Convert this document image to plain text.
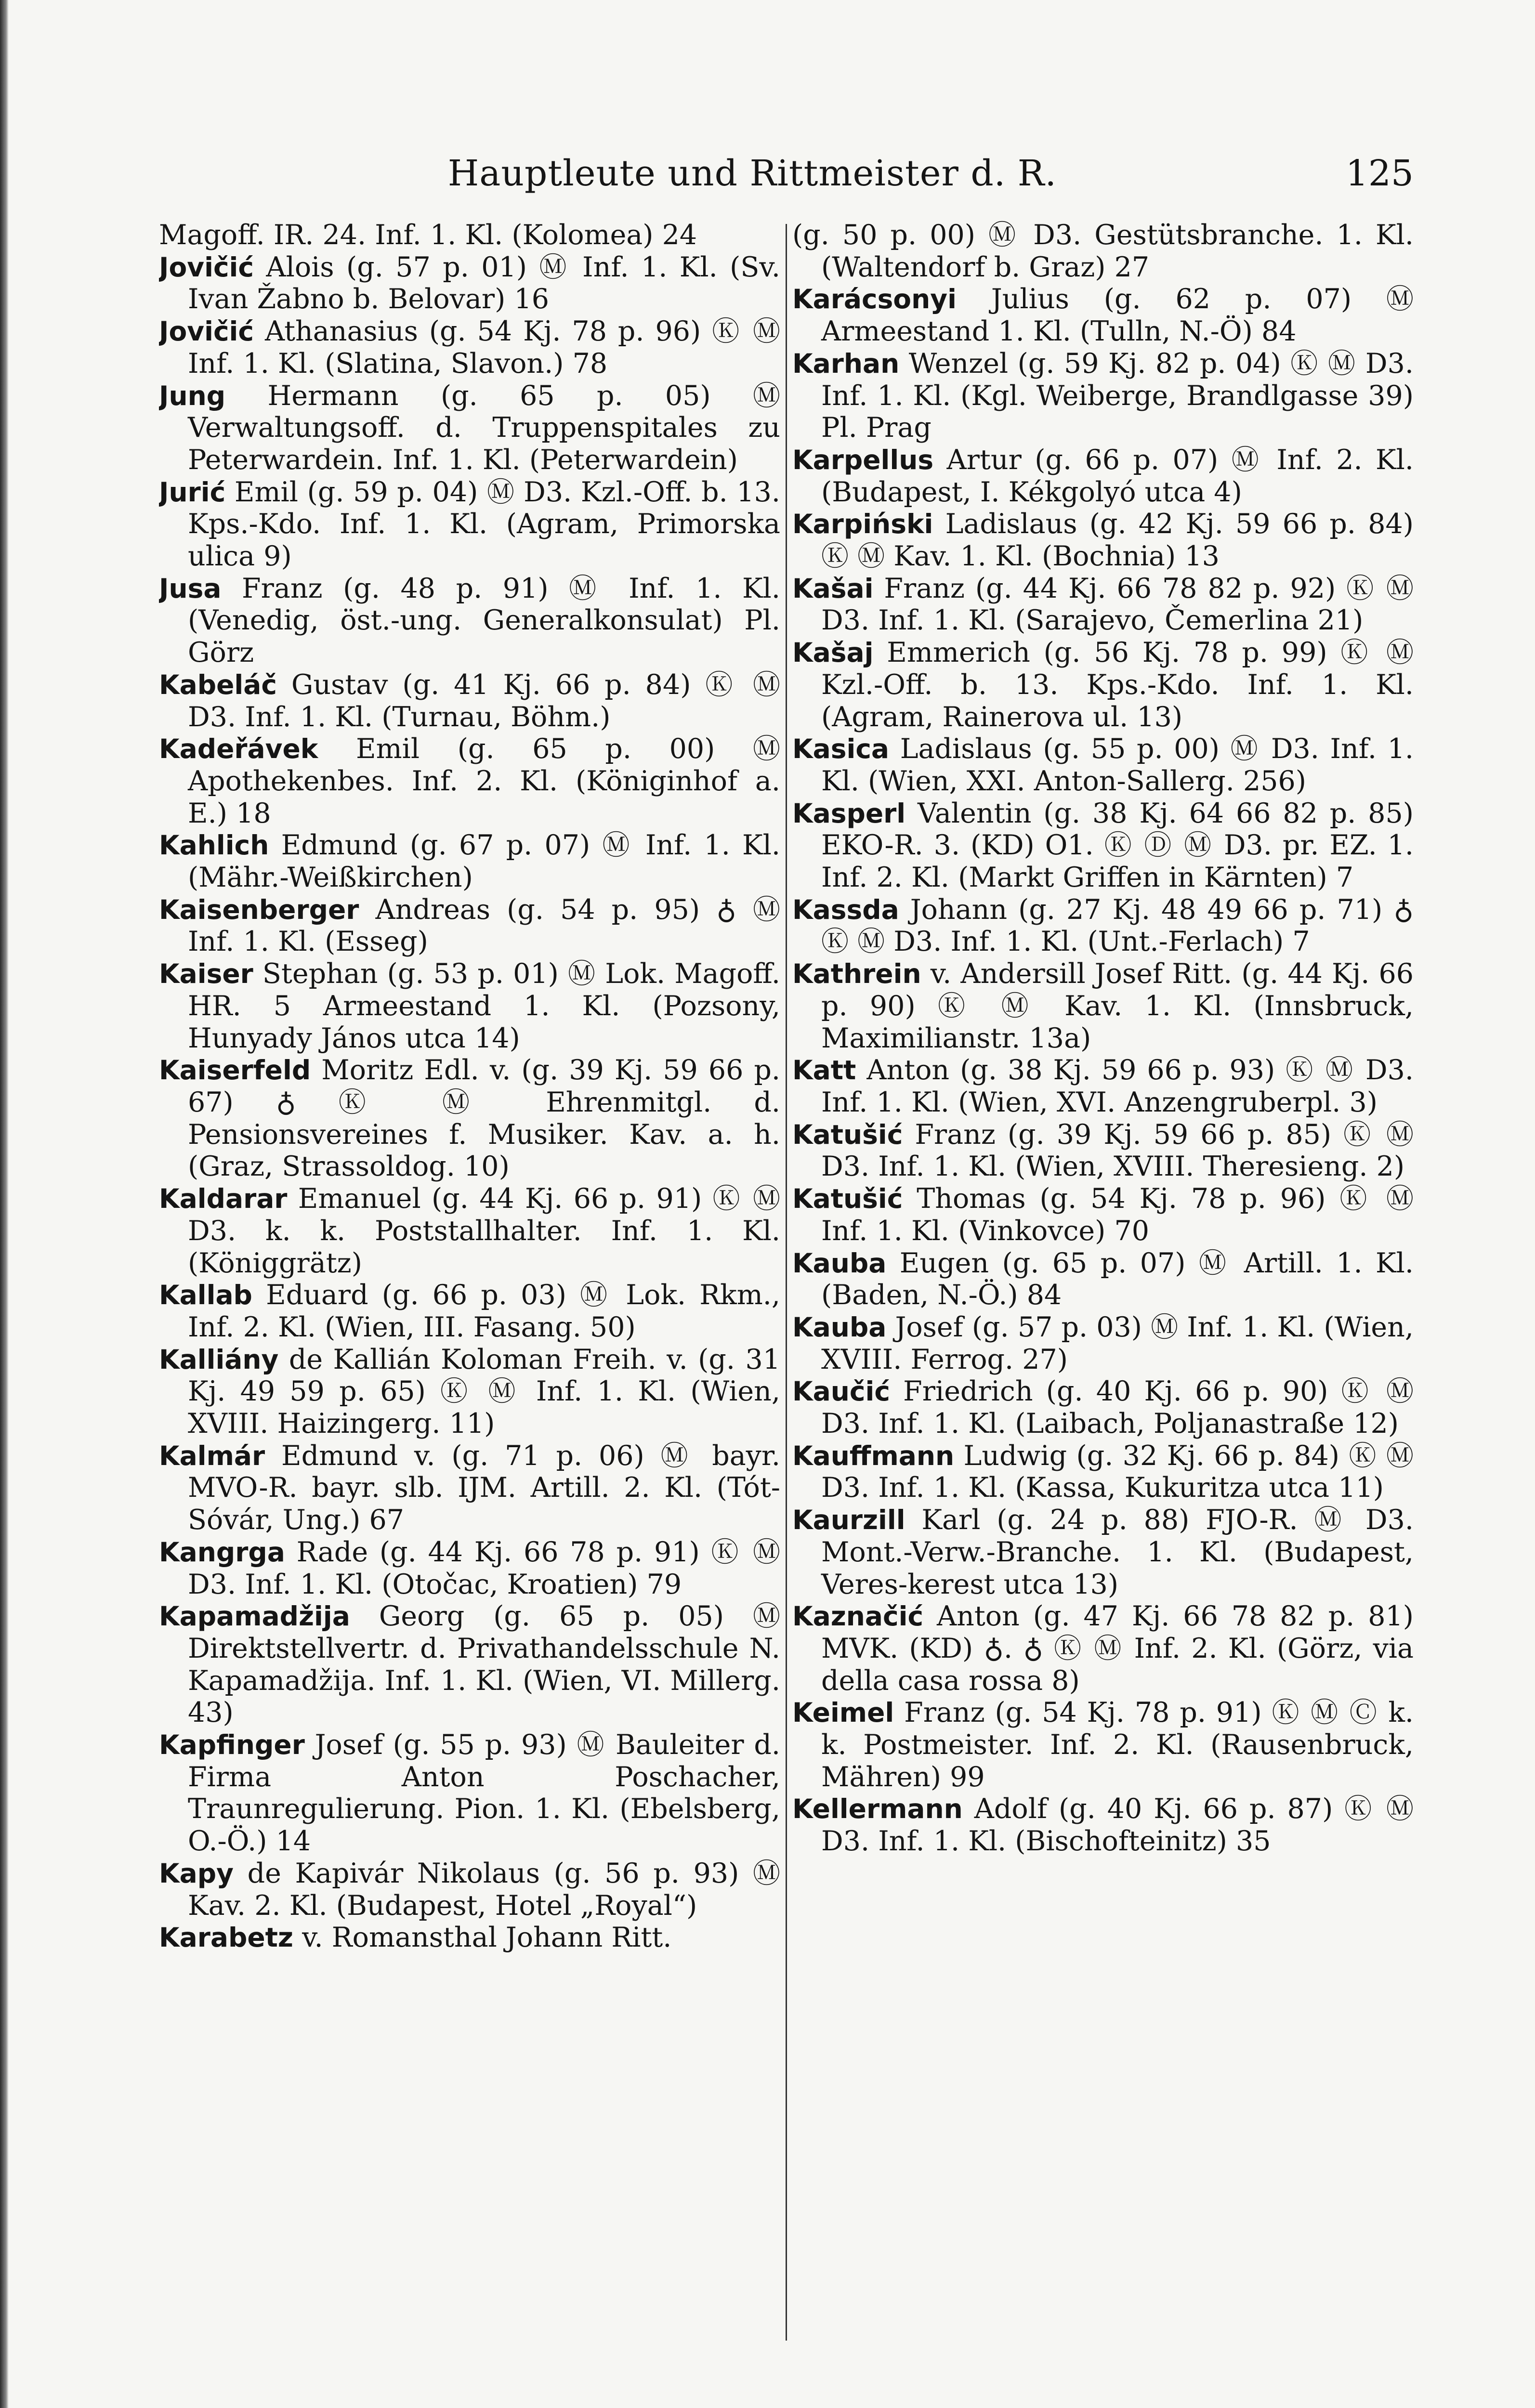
Hauptleute und Rittmeister d. R.	125

Magoff. IR. 24. Inf. 1. Kl. (Kolomea) 24

Jovičić Alois (g. 57 p. 01) Ⓜ Inf. 1. Kl. (Sv. Ivan Žabno b. Belovar) 16

Jovičić Athanasius (g. 54 Kj. 78 p. 96) Ⓚ Ⓜ Inf. 1. Kl. (Slatina, Slavon.) 78

Jung Hermann (g. 65 p. 05) Ⓜ Verwaltungsoff. d. Truppenspitales zu Peterwardein. Inf. 1. Kl. (Peterwardein)

Jurić Emil (g. 59 p. 04) Ⓜ D3. Kzl.-Off. b. 13. Kps.-Kdo. Inf. 1. Kl. (Agram, Primorska ulica 9)

Jusa Franz (g. 48 p. 91) Ⓜ Inf. 1. Kl. (Venedig, öst.-ung. Generalkonsulat) Pl. Görz

Kabeláč Gustav (g. 41 Kj. 66 p. 84) Ⓚ Ⓜ D3. Inf. 1. Kl. (Turnau, Böhm.)

Kadeřávek Emil (g. 65 p. 00) Ⓜ Apothekenbes. Inf. 2. Kl. (Königinhof a. E.) 18

Kahlich Edmund (g. 67 p. 07) Ⓜ Inf. 1. Kl. (Mähr.-Weißkirchen)

Kaisenberger Andreas (g. 54 p. 95) ♁ Ⓜ Inf. 1. Kl. (Esseg)

Kaiser Stephan (g. 53 p. 01) Ⓜ Lok. Magoff. HR. 5 Armeestand 1. Kl. (Pozsony, Hunyady János utca 14)

Kaiserfeld Moritz Edl. v. (g. 39 Kj. 59 66 p. 67) ♁ Ⓚ Ⓜ Ehrenmitgl. d. Pensionsvereines f. Musiker. Kav. a. h. (Graz, Strassoldog. 10)

Kaldarar Emanuel (g. 44 Kj. 66 p. 91) Ⓚ Ⓜ D3. k. k. Poststallhalter. Inf. 1. Kl. (Königgrätz)

Kallab Eduard (g. 66 p. 03) Ⓜ Lok. Rkm., Inf. 2. Kl. (Wien, III. Fasang. 50)

Kalliány de Kallián Koloman Freih. v. (g. 31 Kj. 49 59 p. 65) Ⓚ Ⓜ Inf. 1. Kl. (Wien, XVIII. Haizingerg. 11)

Kalmár Edmund v. (g. 71 p. 06) Ⓜ bayr. MVO-R. bayr. slb. IJM. Artill. 2. Kl. (Tót-Sóvár, Ung.) 67

Kangrga Rade (g. 44 Kj. 66 78 p. 91) Ⓚ Ⓜ D3. Inf. 1. Kl. (Otočac, Kroatien) 79

Kapamadžija Georg (g. 65 p. 05) Ⓜ Direktstellvertr. d. Privathandelsschule N. Kapamadžija. Inf. 1. Kl. (Wien, VI. Millerg. 43)

Kapfinger Josef (g. 55 p. 93) Ⓜ Bauleiter d. Firma Anton Poschacher, Traunregulierung. Pion. 1. Kl. (Ebelsberg, O.-Ö.) 14

Kapy de Kapivár Nikolaus (g. 56 p. 93) Ⓜ Kav. 2. Kl. (Budapest, Hotel „Royal“)

Karabetz v. Romansthal Johann Ritt.

(g. 50 p. 00) Ⓜ D3. Gestütsbranche. 1. Kl. (Waltendorf b. Graz) 27

Karácsonyi Julius (g. 62 p. 07) Ⓜ Armeestand 1. Kl. (Tulln, N.-Ö) 84

Karhan Wenzel (g. 59 Kj. 82 p. 04) Ⓚ Ⓜ D3. Inf. 1. Kl. (Kgl. Weibergе, Brandlgasse 39) Pl. Prag

Karpellus Artur (g. 66 p. 07) Ⓜ Inf. 2. Kl. (Budapest, I. Kékgolyó utca 4)

Karpiński Ladislaus (g. 42 Kj. 59 66 p. 84) Ⓚ Ⓜ Kav. 1. Kl. (Bochnia) 13

Kašai Franz (g. 44 Kj. 66 78 82 p. 92) Ⓚ Ⓜ D3. Inf. 1. Kl. (Sarajevo, Čemerlina 21)

Kašaj Emmerich (g. 56 Kj. 78 p. 99) Ⓚ Ⓜ Kzl.-Off. b. 13. Kps.-Kdo. Inf. 1. Kl. (Agram, Rainerova ul. 13)

Kasica Ladislaus (g. 55 p. 00) Ⓜ D3. Inf. 1. Kl. (Wien, XXI. Anton-Sallerg. 256)

Kasperl Valentin (g. 38 Kj. 64 66 82 p. 85) EKO-R. 3. (KD) O1. Ⓚ Ⓓ Ⓜ D3. pr. EZ. 1. Inf. 2. Kl. (Markt Griffen in Kärnten) 7

Kassda Johann (g. 27 Kj. 48 49 66 p. 71) ♁ Ⓚ Ⓜ D3. Inf. 1. Kl. (Unt.-Ferlach) 7

Kathrein v. Andersill Josef Ritt. (g. 44 Kj. 66 p. 90) Ⓚ Ⓜ Kav. 1. Kl. (Innsbruck, Maximilianstr. 13a)

Katt Anton (g. 38 Kj. 59 66 p. 93) Ⓚ Ⓜ D3. Inf. 1. Kl. (Wien, XVI. Anzengruberpl. 3)

Katušić Franz (g. 39 Kj. 59 66 p. 85) Ⓚ Ⓜ D3. Inf. 1. Kl. (Wien, XVIII. Theresieng. 2)

Katušić Thomas (g. 54 Kj. 78 p. 96) Ⓚ Ⓜ Inf. 1. Kl. (Vinkovce) 70

Kauba Eugen (g. 65 p. 07) Ⓜ Artill. 1. Kl. (Baden, N.-Ö.) 84

Kauba Josef (g. 57 p. 03) Ⓜ Inf. 1. Kl. (Wien, XVIII. Ferrog. 27)

Kaučić Friedrich (g. 40 Kj. 66 p. 90) Ⓚ Ⓜ D3. Inf. 1. Kl. (Laibach, Poljanastraße 12)

Kauffmann Ludwig (g. 32 Kj. 66 p. 84) Ⓚ Ⓜ D3. Inf. 1. Kl. (Kassa, Kukuritza utca 11)

Kaurzill Karl (g. 24 p. 88) FJO-R. Ⓜ D3. Mont.-Verw.-Branche. 1. Kl. (Budapest, Veres-kerest utca 13)

Kaznačić Anton (g. 47 Kj. 66 78 82 p. 81) MVK. (KD) ♁. ♁ Ⓚ Ⓜ Inf. 2. Kl. (Görz, via della casa rossa 8)

Keimel Franz (g. 54 Kj. 78 p. 91) Ⓚ Ⓜ Ⓒ k. k. Postmeister. Inf. 2. Kl. (Rausenbruck, Mähren) 99

Kellermann Adolf (g. 40 Kj. 66 p. 87) Ⓚ Ⓜ D3. Inf. 1. Kl. (Bischofteinitz) 35
